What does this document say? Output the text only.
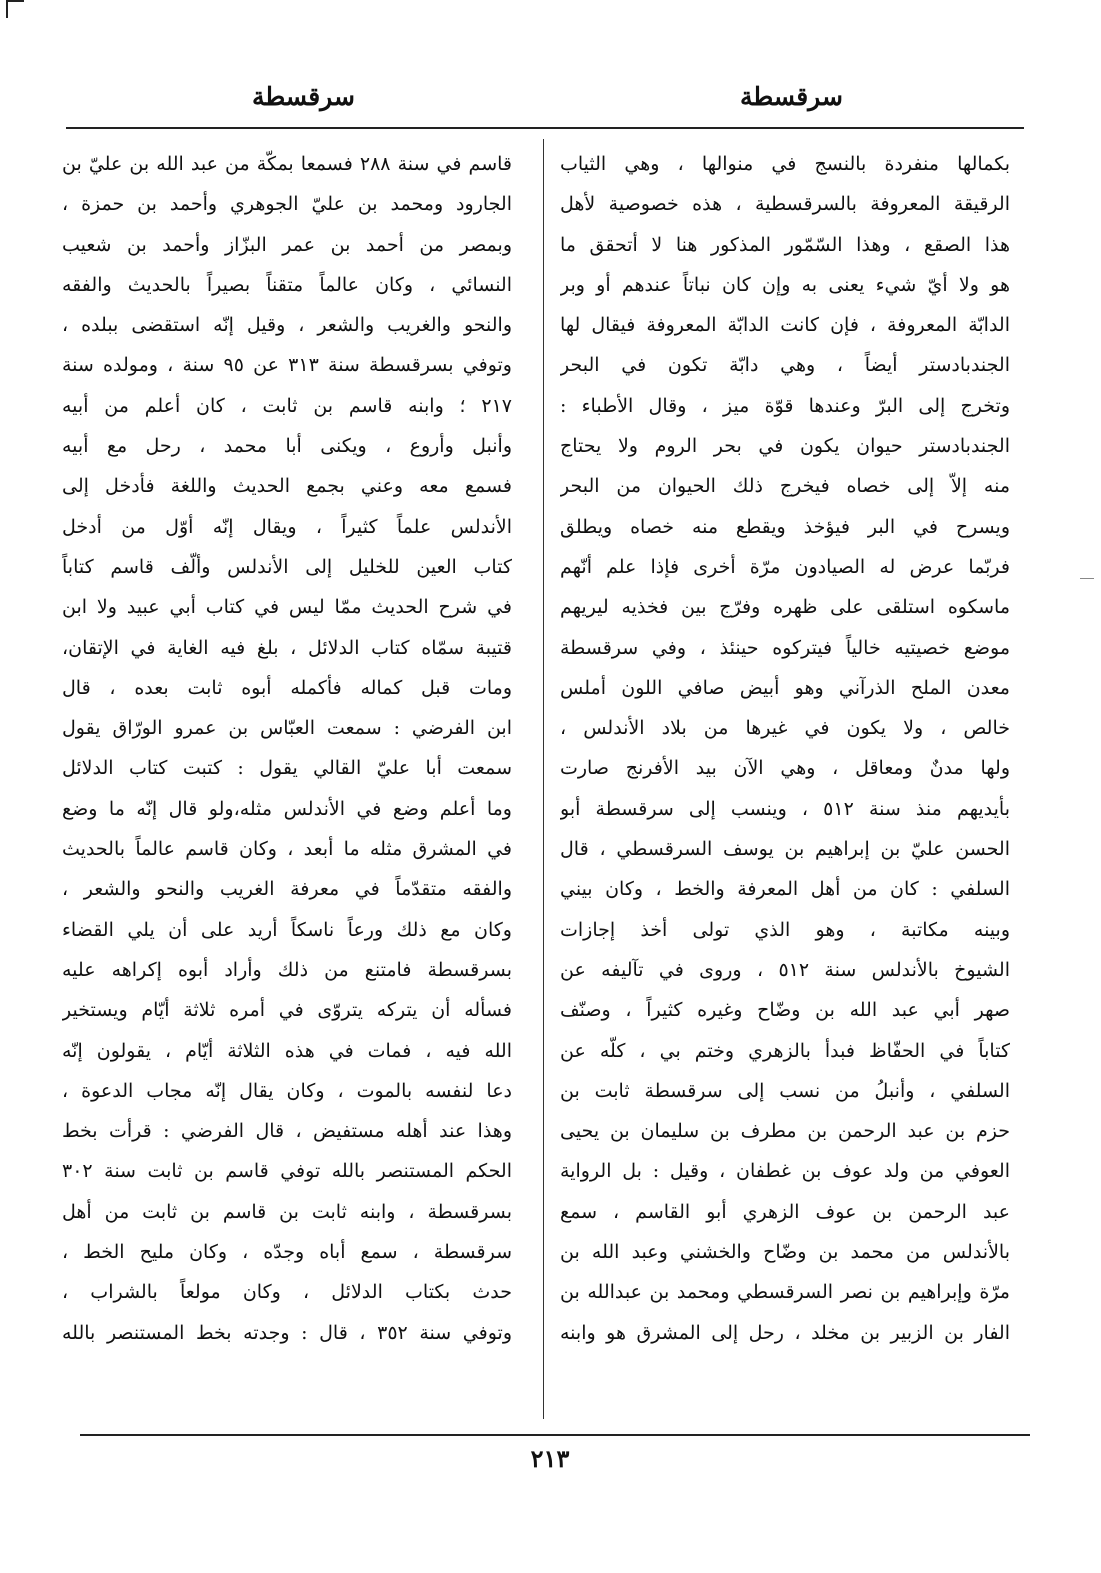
سرقسطة
سرقسطة
بكمالها منفردة بالنسج في منوالها ، وهي الثياب
الرقيقة المعروفة بالسرقسطية ، هذه خصوصية لأهل
هذا الصقع ، وهذا السّمّور المذكور هنا لا أتحقق ما
هو ولا أيّ شيء يعنى به وإن كان نباتاً عندهم أو وبر
الدابّة المعروفة ، فإن كانت الدابّة المعروفة فيقال لها
الجندبادستر أيضاً ، وهي دابّة تكون في البحر
وتخرج إلى البرّ وعندها قوّة ميز ، وقال الأطباء :
الجندبادستر حيوان يكون في بحر الروم ولا يحتاج
منه إلاّ إلى خصاه فيخرج ذلك الحيوان من البحر
ويسرح في البر فيؤخذ ويقطع منه خصاه ويطلق
فربّما عرض له الصيادون مرّة أخرى فإذا علم أنّهم
ماسكوه استلقى على ظهره وفرّج بين فخذيه ليريهم
موضع خصيتيه خالياً فيتركوه حينئذ ، وفي سرقسطة
معدن الملح الذرآني وهو أبيض صافي اللون أملس
خالص ، ولا يكون في غيرها من بلاد الأندلس ،
ولها مدنٌ ومعاقل ، وهي الآن بيد الأفرنج صارت
بأيديهم منذ سنة ٥١٢ ، وينسب إلى سرقسطة أبو
الحسن عليّ بن إبراهيم بن يوسف السرقسطي ، قال
السلفي : كان من أهل المعرفة والخط ، وكان بيني
وبينه مكاتبة ، وهو الذي تولى أخذ إجازات
الشيوخ بالأندلس سنة ٥١٢ ، وروى في تآليفه عن
صهر أبي عبد الله بن وضّاح وغيره كثيراً ، وصنّف
كتاباً في الحفّاظ فبدأ بالزهري وختم بي ، كلّه عن
السلفي ، وأنبلُ من نسب إلى سرقسطة ثابت بن
حزم بن عبد الرحمن بن مطرف بن سليمان بن يحيى
العوفي من ولد عوف بن غطفان ، وقيل : بل الرواية
عبد الرحمن بن عوف الزهري أبو القاسم ، سمع
بالأندلس من محمد بن وضّاح والخشني وعبد الله بن
مرّة وإبراهيم بن نصر السرقسطي ومحمد بن عبدالله بن
الفار بن الزبير بن مخلد ، رحل إلى المشرق هو وابنه
قاسم في سنة ٢٨٨ فسمعا بمكّة من عبد الله بن عليّ بن
الجارود ومحمد بن عليّ الجوهري وأحمد بن حمزة ،
وبمصر من أحمد بن عمر البزّاز وأحمد بن شعيب
النسائي ، وكان عالماً متقناً بصيراً بالحديث والفقه
والنحو والغريب والشعر ، وقيل إنّه استقضى ببلده ،
وتوفي بسرقسطة سنة ٣١٣ عن ٩٥ سنة ، ومولده سنة
٢١٧ ؛ وابنه قاسم بن ثابت ، كان أعلم من أبيه
وأنبل وأروع ، ويكنى أبا محمد ، رحل مع أبيه
فسمع معه وعني بجمع الحديث واللغة فأدخل إلى
الأندلس علماً كثيراً ، ويقال إنّه أوّل من أدخل
كتاب العين للخليل إلى الأندلس وألّف قاسم كتاباً
في شرح الحديث ممّا ليس في كتاب أبي عبيد ولا ابن
قتيبة سمّاه كتاب الدلائل ، بلغ فيه الغاية في الإتقان،
ومات قبل كماله فأكمله أبوه ثابت بعده ، قال
ابن الفرضي : سمعت العبّاس بن عمرو الورّاق يقول
سمعت أبا عليّ القالي يقول : كتبت كتاب الدلائل
وما أعلم وضع في الأندلس مثله،ولو قال إنّه ما وضع
في المشرق مثله ما أبعد ، وكان قاسم عالماً بالحديث
والفقه متقدّماً في معرفة الغريب والنحو والشعر ،
وكان مع ذلك ورعاً ناسكاً أريد على أن يلي القضاء
بسرقسطة فامتنع من ذلك وأراد أبوه إكراهه عليه
فسأله أن يتركه يتروّى في أمره ثلاثة أيّام ويستخير
الله فيه ، فمات في هذه الثلاثة أيّام ، يقولون إنّه
دعا لنفسه بالموت ، وكان يقال إنّه مجاب الدعوة ،
وهذا عند أهله مستفيض ، قال الفرضي : قرأت بخط
الحكم المستنصر بالله توفي قاسم بن ثابت سنة ٣٠٢
بسرقسطة ، وابنه ثابت بن قاسم بن ثابت من أهل
سرقسطة ، سمع أباه وجدّه ، وكان مليح الخط ،
حدث بكتاب الدلائل ، وكان مولعاً بالشراب ،
وتوفي سنة ٣٥٢ ، قال : وجدته بخط المستنصر بالله
٢١٣
